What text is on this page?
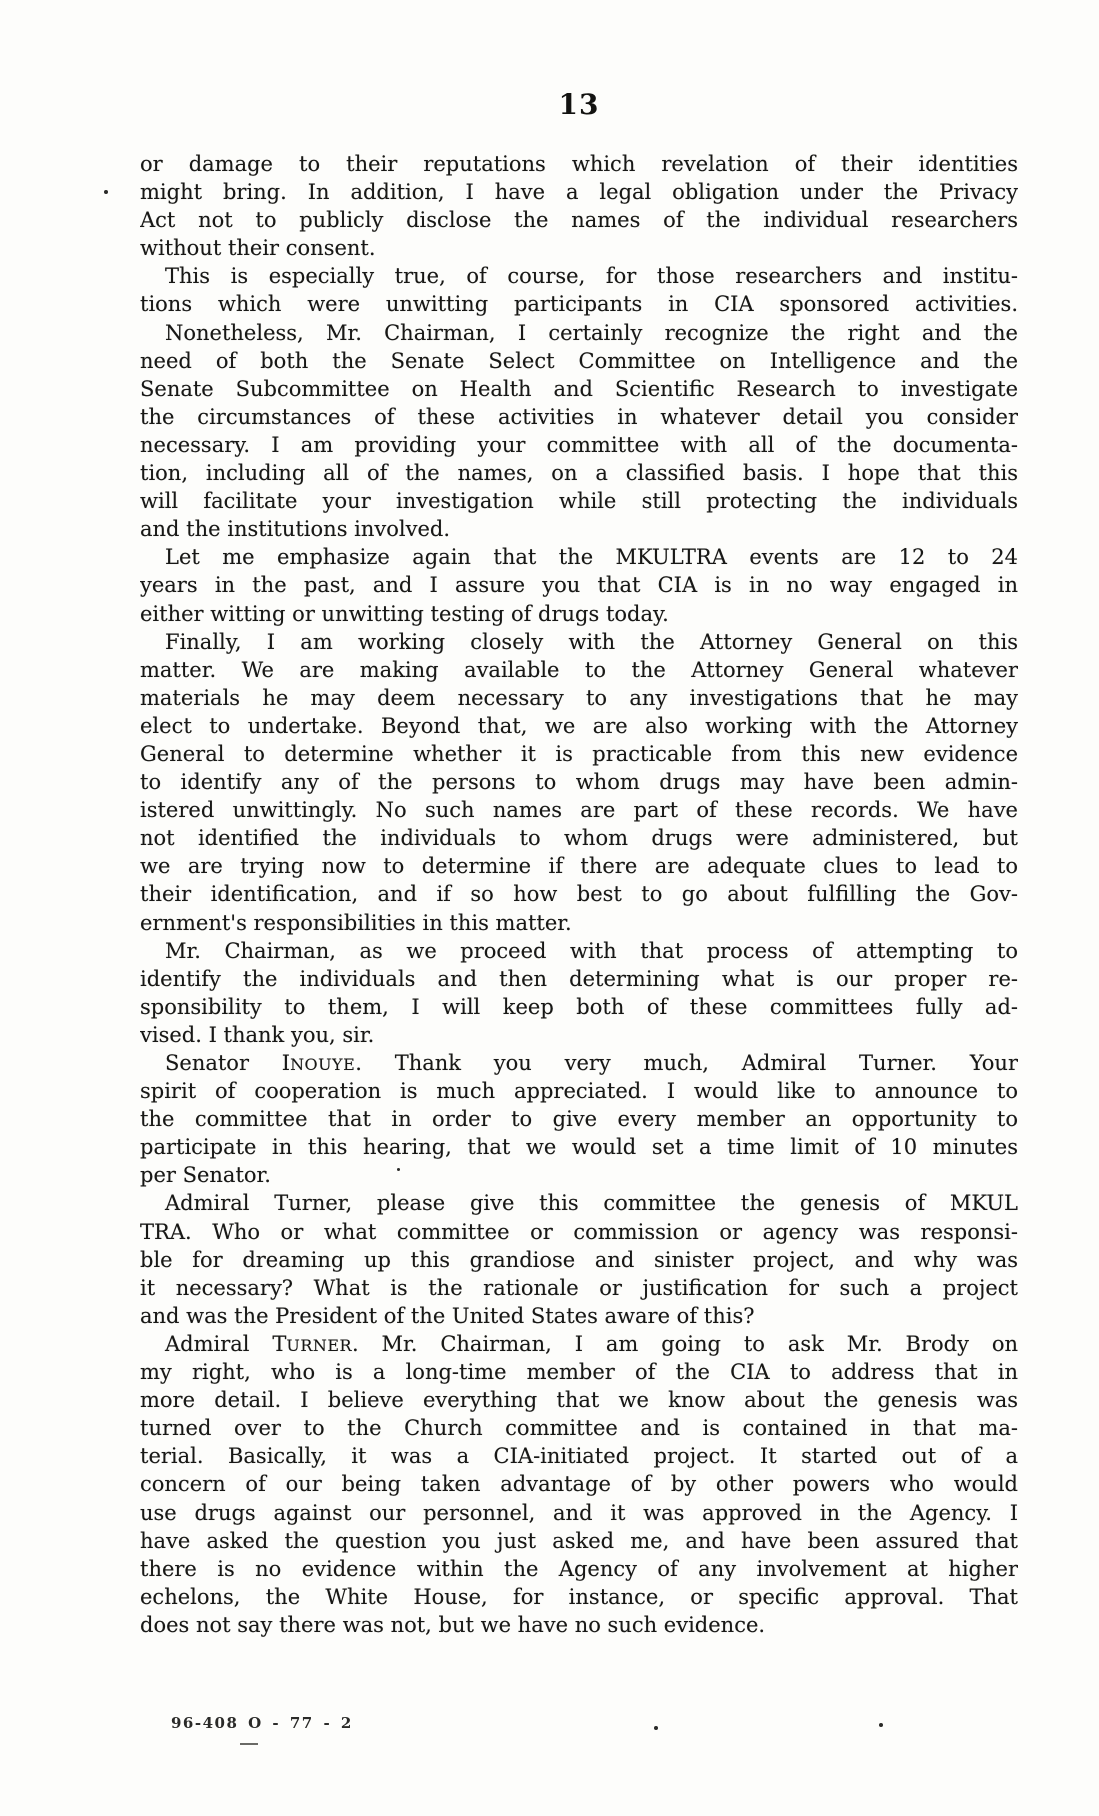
13
or damage to their reputations which revelation of their identities
might bring. In addition, I have a legal obligation under the Privacy
Act not to publicly disclose the names of the individual researchers
without their consent.
This is especially true, of course, for those researchers and institu-
tions which were unwitting participants in CIA sponsored activities.
Nonetheless, Mr. Chairman, I certainly recognize the right and the
need of both the Senate Select Committee on Intelligence and the
Senate Subcommittee on Health and Scientific Research to investigate
the circumstances of these activities in whatever detail you consider
necessary. I am providing your committee with all of the documenta-
tion, including all of the names, on a classified basis. I hope that this
will facilitate your investigation while still protecting the individuals
and the institutions involved.
Let me emphasize again that the MKULTRA events are 12 to 24
years in the past, and I assure you that CIA is in no way engaged in
either witting or unwitting testing of drugs today.
Finally, I am working closely with the Attorney General on this
matter. We are making available to the Attorney General whatever
materials he may deem necessary to any investigations that he may
elect to undertake. Beyond that, we are also working with the Attorney
General to determine whether it is practicable from this new evidence
to identify any of the persons to whom drugs may have been admin-
istered unwittingly. No such names are part of these records. We have
not identified the individuals to whom drugs were administered, but
we are trying now to determine if there are adequate clues to lead to
their identification, and if so how best to go about fulfilling the Gov-
ernment's responsibilities in this matter.
Mr. Chairman, as we proceed with that process of attempting to
identify the individuals and then determining what is our proper re-
sponsibility to them, I will keep both of these committees fully ad-
vised. I thank you, sir.
Senator INOUYE. Thank you very much, Admiral Turner. Your
spirit of cooperation is much appreciated. I would like to announce to
the committee that in order to give every member an opportunity to
participate in this hearing, that we would set a time limit of 10 minutes
per Senator.
Admiral Turner, please give this committee the genesis of MKUL
TRA. Who or what committee or commission or agency was responsi-
ble for dreaming up this grandiose and sinister project, and why was
it necessary? What is the rationale or justification for such a project
and was the President of the United States aware of this?
Admiral TURNER. Mr. Chairman, I am going to ask Mr. Brody on
my right, who is a long-time member of the CIA to address that in
more detail. I believe everything that we know about the genesis was
turned over to the Church committee and is contained in that ma-
terial. Basically, it was a CIA-initiated project. It started out of a
concern of our being taken advantage of by other powers who would
use drugs against our personnel, and it was approved in the Agency. I
have asked the question you just asked me, and have been assured that
there is no evidence within the Agency of any involvement at higher
echelons, the White House, for instance, or specific approval. That
does not say there was not, but we have no such evidence.
96-408 O - 77 - 2
